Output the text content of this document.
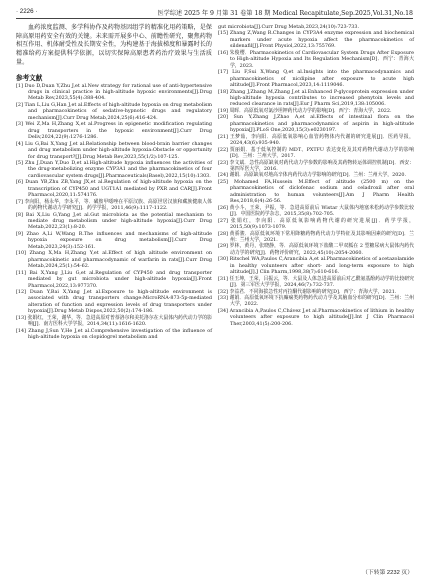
· 2226 ·	医学综述 2025 年 9 月第 31 卷第 18 期 Medical Recapitulate,Sep.2025,Vol.31,No.18

血药浓度监测、多学科协作及药物基因组学的精准化用药策略，是保障高原用药安全有效的关键。未来需开展多中心、前瞻性研究，聚焦药物相互作用、机体耐受性及长期安全性，为构建基于海拔梯度和暴露时长的精准给药方案提供科学依据，以切实保障高原患者药治疗效果与生活质量。

参考文献

[1] Duo D,Duan Y,Zhu J,et al.New strategy for rational use of anti-hypertensive drugs in clinical practice in high-altitude hypoxic environments[J].Drug Metab Rev,2023,55(4):388-404.

[2] Tian L,Liu G,Han J,et al.Effects of high-altitude hypoxia on drug metabolism and pharmacokinetics of sedative-hypnotic drugs and regulatory mechanism[J].Curr Drug Metab,2024,25(6):416-424.

[3] Wei Z,Ma H,Zhang X,et al.Progress in epigenetic modification regulating drug transporters in the hypoxic environment[J].Curr Drug Deliv,2024,22(9):1276-1286.

[4] Liu G,Bai X,Yang J,et al.Relationship between blood-brain barrier changes and drug metabolism under high-altitude hypoxia:Obstacle or opportunity for drug transport?[J].Drug Metab Rev,2023,55(1/2):107-125.

[5] Zhu J,Duan Y,Duo D,et al.High-altitude hypoxia influences the activities of the drug-metabolizing enzyme CYP3A1 and the pharmacokinetics of four cardiovascular system drugs[J].Pharmaceuticals(Basel),2022,15(10):1303.

[6] Duan YB,Zhu ZB,Yang JX,et al.Regulation of high-altitude hypoxia on the transcription of CYP450 and UGT1A1 mediated by PXR and CAR[J].Front Pharmacol,2020,11:574176.

[7] 李向阳，杨永华，李永平，等．磺胺甲噁唑在平原汉族、高原世居汉族和藏族健康人体的药物代谢动力学研究[J]．药学学报，2011,46(9):1117-1122.

[8] Bai X,Liu G,Yang J,et al.Gut microbiota as the potential mechanism to mediate drug metabolism under high-altitude hypoxia[J].Curr Drug Metab,2022,23(1):8-20.

[9] Zhao A,Li W,Wang R.The influences and mechanisms of high-altitude hypoxia exposure on drug metabolism[J].Curr Drug Metab,2023,24(3):152-161.

[10] Zhang X,Ma H,Zhang Y,et al.Effect of high altitude environment on pharmacokinetic and pharmacodynamic of warfarin in rats[J].Curr Drug Metab,2024,25(1):54-62.

[11] Bai X,Yang J,Liu G,et al.Regulation of CYP450 and drug transporter mediated by gut microbiota under high-altitude hypoxia[J].Front Pharmacol,2022,13:977370.

[12] Duan Y,Bai X,Yang J,et al.Exposure to high-altitude environment is associated with drug transporters change:MicroRNA-873-5p-mediated alteration of function and expression levels of drug transporters under hypoxia[J].Drug Metab Dispos,2022,50(2):174-186.

[13] 张娟红，王荣，谢华，等．急进高原对普萘洛尔和美托洛尔在大鼠体内药代动力学的影响[J]．南方医科大学学报，2014,34(11):1616-1620.

[14] Zhang J,Sun Y,He J,et al.Comprehensive investigation of the influence of high-altitude hypoxia on clopidogrel metabolism and

gut microbiota[J].Curr Drug Metab,2023,24(10):723-733.

[15] Zhang Z,Wang R.Changes in CYP3A4 enzyme expression and biochemical markers under acute hypoxia affect the pharmacokinetics of sildenafil[J].Front Physiol,2022,13:755769.

[16] 朱俊缨．Pharmacokinetics of Cardiovascular System Drugs After Exposure to High-altitude Hypoxia and Its Regulation Mechanism[D]．西宁：青海大学，2023.

[17] Liu F,Sui X,Wang Q,et al.Insights into the pharmacodynamics and pharmacokinetics of nicdipine after exposure to acute high altitude[J].Front Pharmacol,2023,14:1119046.

[18] Zhang J,Zhang M,Zhang J,et al.Enhanced P-glycoprotein expression under high-altitude hypoxia contributes to increased phenytoin levels and reduced clearance in rats[J].Eur J Pharm Sci,2019,138:105006.

[19] 周晖．高原低氧对氯沙坦钾药代动力学的影响[D]．西宁：青海大学，2022.

[20] Sun Y,Zhang J,Zhao A,et al.Effects of intestinal flora on the pharmacokinetics and pharmacodynamics of aspirin in high-altitude hypoxia[J].PLoS One,2020,15(3):e0230197.

[21] 王梦茹，李向阳．高原低氧影响心血管药物体内代谢的研究进展[J]．医药导报，2024,43(6):935-940.

[22] 贾丽娟．基于低氧控制的 MDT、PXTFU 表达变化及其对药物代谢动力学的影响[D]．兰州：兰州大学，2017.

[23] 李文斌．急性高原缺氧对药代动力学参数的影响及其药物转运体调控机制[D]．西安：第四军医大学，2016.

[24] 谢娟．高原缺氧对地高辛体内药代动力学影响的研究[D]．兰州：兰州大学，2020.

[25] Mohamed FA,Hussein M.Effect of altitude (2500 m) on the pharmacokinetics of diclofenac sodium and celadroxil after oral administration to human volunteers[J].Am J Pharm Health Res,2018,6(4):26-56.

[26] 黄小斗，王荣，尹振，等．急进高原前后 Wistar 大鼠体内地塞米松药动学参数比较[J]．中国医院药学杂志，2015,35(8):702-705.

[27] 张娟红，李向阳．高原低氧影响药物代谢的研究进展[J]．药学学报，2015,50(9):1073-1079.

[28] 黄骄骏．高原低氧环境下常用降糖药物药代动力学特征及其影响因素的研究[D]．兰州：兰州大学，2021.

[29] 罗林，黄丹，张晓静，等．高原低氧环境下盐酸二甲双胍在 2 型糖尿病大鼠体内药代动力学的研究[J]．药物评价研究，2022,45(10):2054-2060.

[30] Ritschel WA,Paulos C,Arancibia A,et al.Pharmacokinetics of acetazolamide in healthy volunteers after short- and long-term exposure to high altitude[J].J Clin Pharm,1998,38(7):610-616.

[31] 任玉坤，王荣，吕振云，等．大鼠及人体急进高原前后对乙酰氨基酚药动学的比较研究[J]．第三军医大学学报，2024,46(7):732-737.

[32] 李益君．不同海拔急性对丙拉酮代谢影响的研究[D]．西宁：青海大学，2021.

[33] 谢娟．高原低氧环境下抗癫痫类药物药代动力学及其脑血分布的研究[D]．兰州：兰州大学，2022.

[34] Arancibia A,Paulos C,Chávez J,et al.Pharmacokinetics of lithium in healthy volunteers after exposure to high altitude[J].Int J Clin Pharmacol Ther,2003,41(5):200-206.

（下转第 2232 页）
